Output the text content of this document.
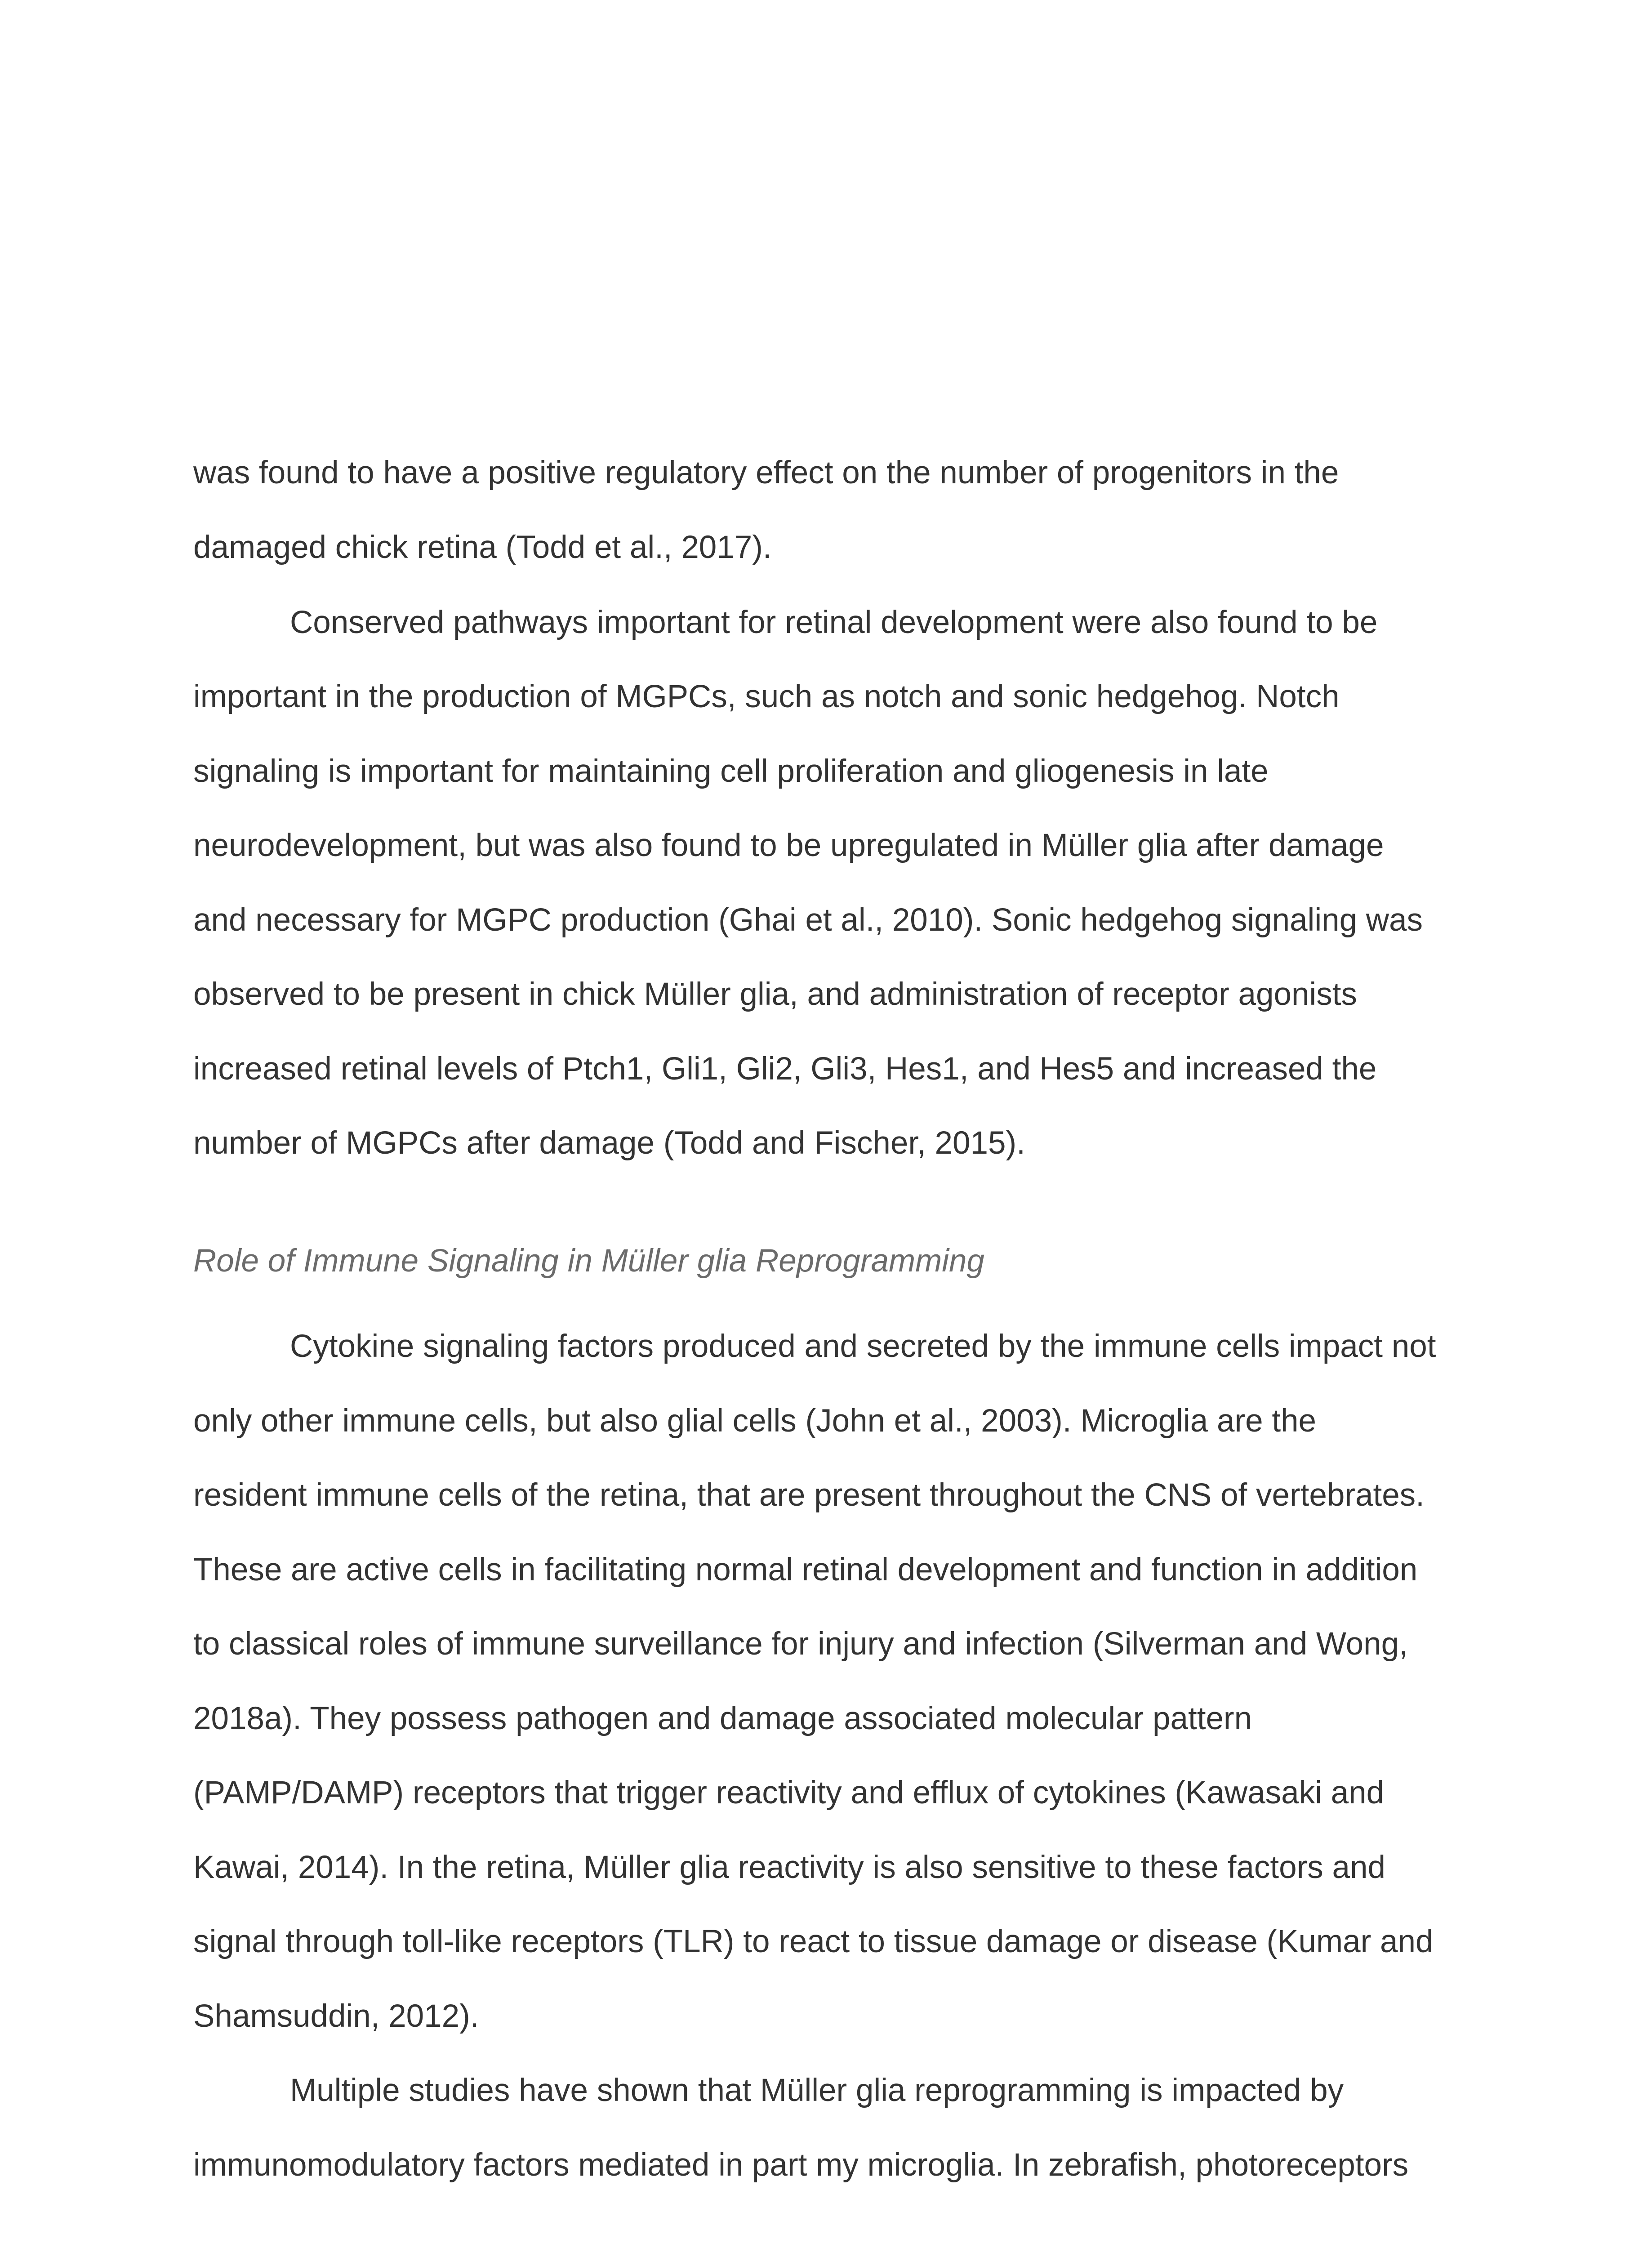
was found to have a positive regulatory effect on the number of progenitors in the
damaged chick retina (Todd et al., 2017).
Conserved pathways important for retinal development were also found to be
important in the production of MGPCs, such as notch and sonic hedgehog. Notch
signaling is important for maintaining cell proliferation and gliogenesis in late
neurodevelopment, but was also found to be upregulated in Müller glia after damage
and necessary for MGPC production (Ghai et al., 2010). Sonic hedgehog signaling was
observed to be present in chick Müller glia, and administration of receptor agonists
increased retinal levels of Ptch1, Gli1, Gli2, Gli3, Hes1, and Hes5 and increased the
number of MGPCs after damage (Todd and Fischer, 2015).
Role of Immune Signaling in Müller glia Reprogramming
Cytokine signaling factors produced and secreted by the immune cells impact not
only other immune cells, but also glial cells (John et al., 2003). Microglia are the
resident immune cells of the retina, that are present throughout the CNS of vertebrates.
These are active cells in facilitating normal retinal development and function in addition
to classical roles of immune surveillance for injury and infection (Silverman and Wong,
2018a). They possess pathogen and damage associated molecular pattern
(PAMP/DAMP) receptors that trigger reactivity and efflux of cytokines (Kawasaki and
Kawai, 2014). In the retina, Müller glia reactivity is also sensitive to these factors and
signal through toll-like receptors (TLR) to react to tissue damage or disease (Kumar and
Shamsuddin, 2012).
Multiple studies have shown that Müller glia reprogramming is impacted by
immunomodulatory factors mediated in part my microglia. In zebrafish, photoreceptors
